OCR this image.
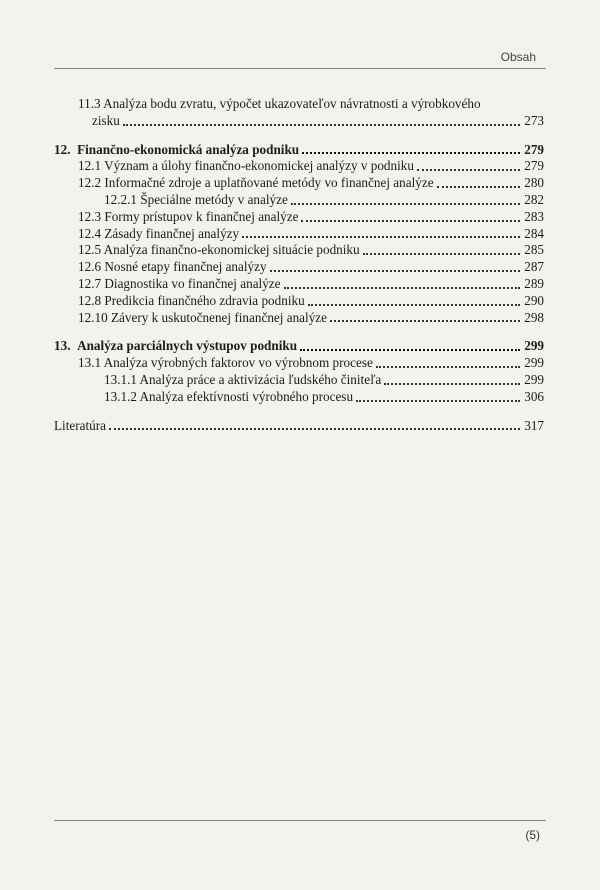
Obsah
11.3 Analýza bodu zvratu, výpočet ukazovateľov návratnosti a výrobkového
zisku	273
12.  Finančno-ekonomická analýza podniku	279
12.1 Význam a úlohy finančno-ekonomickej analýzy v podniku	279
12.2 Informačné zdroje a uplatňované metódy vo finančnej analýze	280
12.2.1 Špeciálne metódy v analýze	282
12.3 Formy prístupov k finančnej analýze	283
12.4 Zásady finančnej analýzy	284
12.5 Analýza finančno-ekonomickej situácie podniku	285
12.6 Nosné etapy finančnej analýzy	287
12.7 Diagnostika vo finančnej analýze	289
12.8 Predikcia finančného zdravia podniku	290
12.10 Závery k uskutočnenej finančnej analýze	298
13.  Analýza parciálnych výstupov podniku	299
13.1 Analýza výrobných faktorov vo výrobnom procese	299
13.1.1 Analýza práce a aktivizácia ľudského činiteľa	299
13.1.2 Analýza efektívnosti výrobného procesu	306
Literatúra	317
(5)
